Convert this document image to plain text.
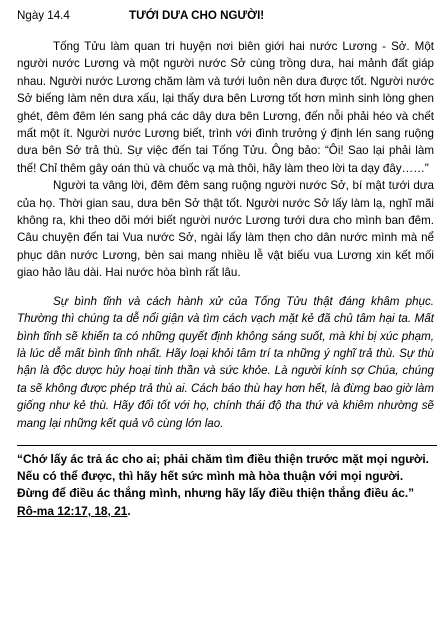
Ngày 14.4	TƯỚI DƯA CHO NGƯỜI!

Tống Tửu làm quan tri huyện nơi biên giới hai nước Lương - Sở. Một người nước Lương và một người nước Sở cùng trồng dưa, hai mảnh đất giáp nhau. Người nước Lương chăm làm và tưới luôn nên dưa được tốt. Người nước Sở biếng làm nên dưa xấu, lại thấy dưa bên Lương tốt hơn mình sinh lòng ghen ghét, đêm đêm lén sang phá các dây dưa bên Lương, đến nỗi phải héo và chết mất một ít. Người nước Lương biết, trình với đình trưởng ý định lén sang ruộng dưa bên Sở trả thù. Sự việc đến tai Tống Tửu. Ông bảo: “Ôi! Sao lại phải làm thế! Chỉ thêm gây oán thù và chuốc vạ mà thôi, hãy làm theo lời ta dạy đây……"

Người ta vâng lời, đêm đêm sang ruộng người nước Sở, bí mật tưới dưa của họ. Thời gian sau, dưa bên Sở thật tốt. Người nước Sở lấy làm lạ, nghĩ mãi không ra, khi theo dõi mới biết người nước Lương tưới dưa cho mình ban đêm. Câu chuyện đến tai Vua nước Sở, ngài lấy làm thẹn cho dân nước mình mà nể phục dân nước Lương, bèn sai mang nhiều lễ vật biếu vua Lương xin kết mối giao hảo lâu dài. Hai nước hòa bình rất lâu.

Sự bình tĩnh và cách hành xử của Tống Tửu thật đáng khâm phục. Thường thì chúng ta dễ nổi giận và tìm cách vạch mặt kẻ đã chủ tâm hại ta. Mất bình tĩnh sẽ khiến ta có những quyết định không sáng suốt, mà khi bị xúc phạm, là lúc dễ mất bình tĩnh nhất. Hãy loại khỏi tâm trí ta những ý nghĩ trả thù. Sự thù hận là độc dược hủy hoại tinh thần và sức khỏe. Là người kính sợ Chúa, chúng ta sẽ không được phép trả thù ai. Cách báo thù hay hơn hết, là đừng bao giờ làm giống như kẻ thù. Hãy đối tốt với họ, chính thái độ tha thứ và khiêm nhường sẽ mang lại những kết quả vô cùng lớn lao.

“Chớ lấy ác trả ác cho ai; phải chăm tìm điều thiện trước mặt mọi người. Nếu có thể được, thì hãy hết sức mình mà hòa thuận với mọi người. Đừng để điều ác thắng mình, nhưng hãy lấy điều thiện thắng điều ác.” Rô-ma 12:17, 18, 21.
